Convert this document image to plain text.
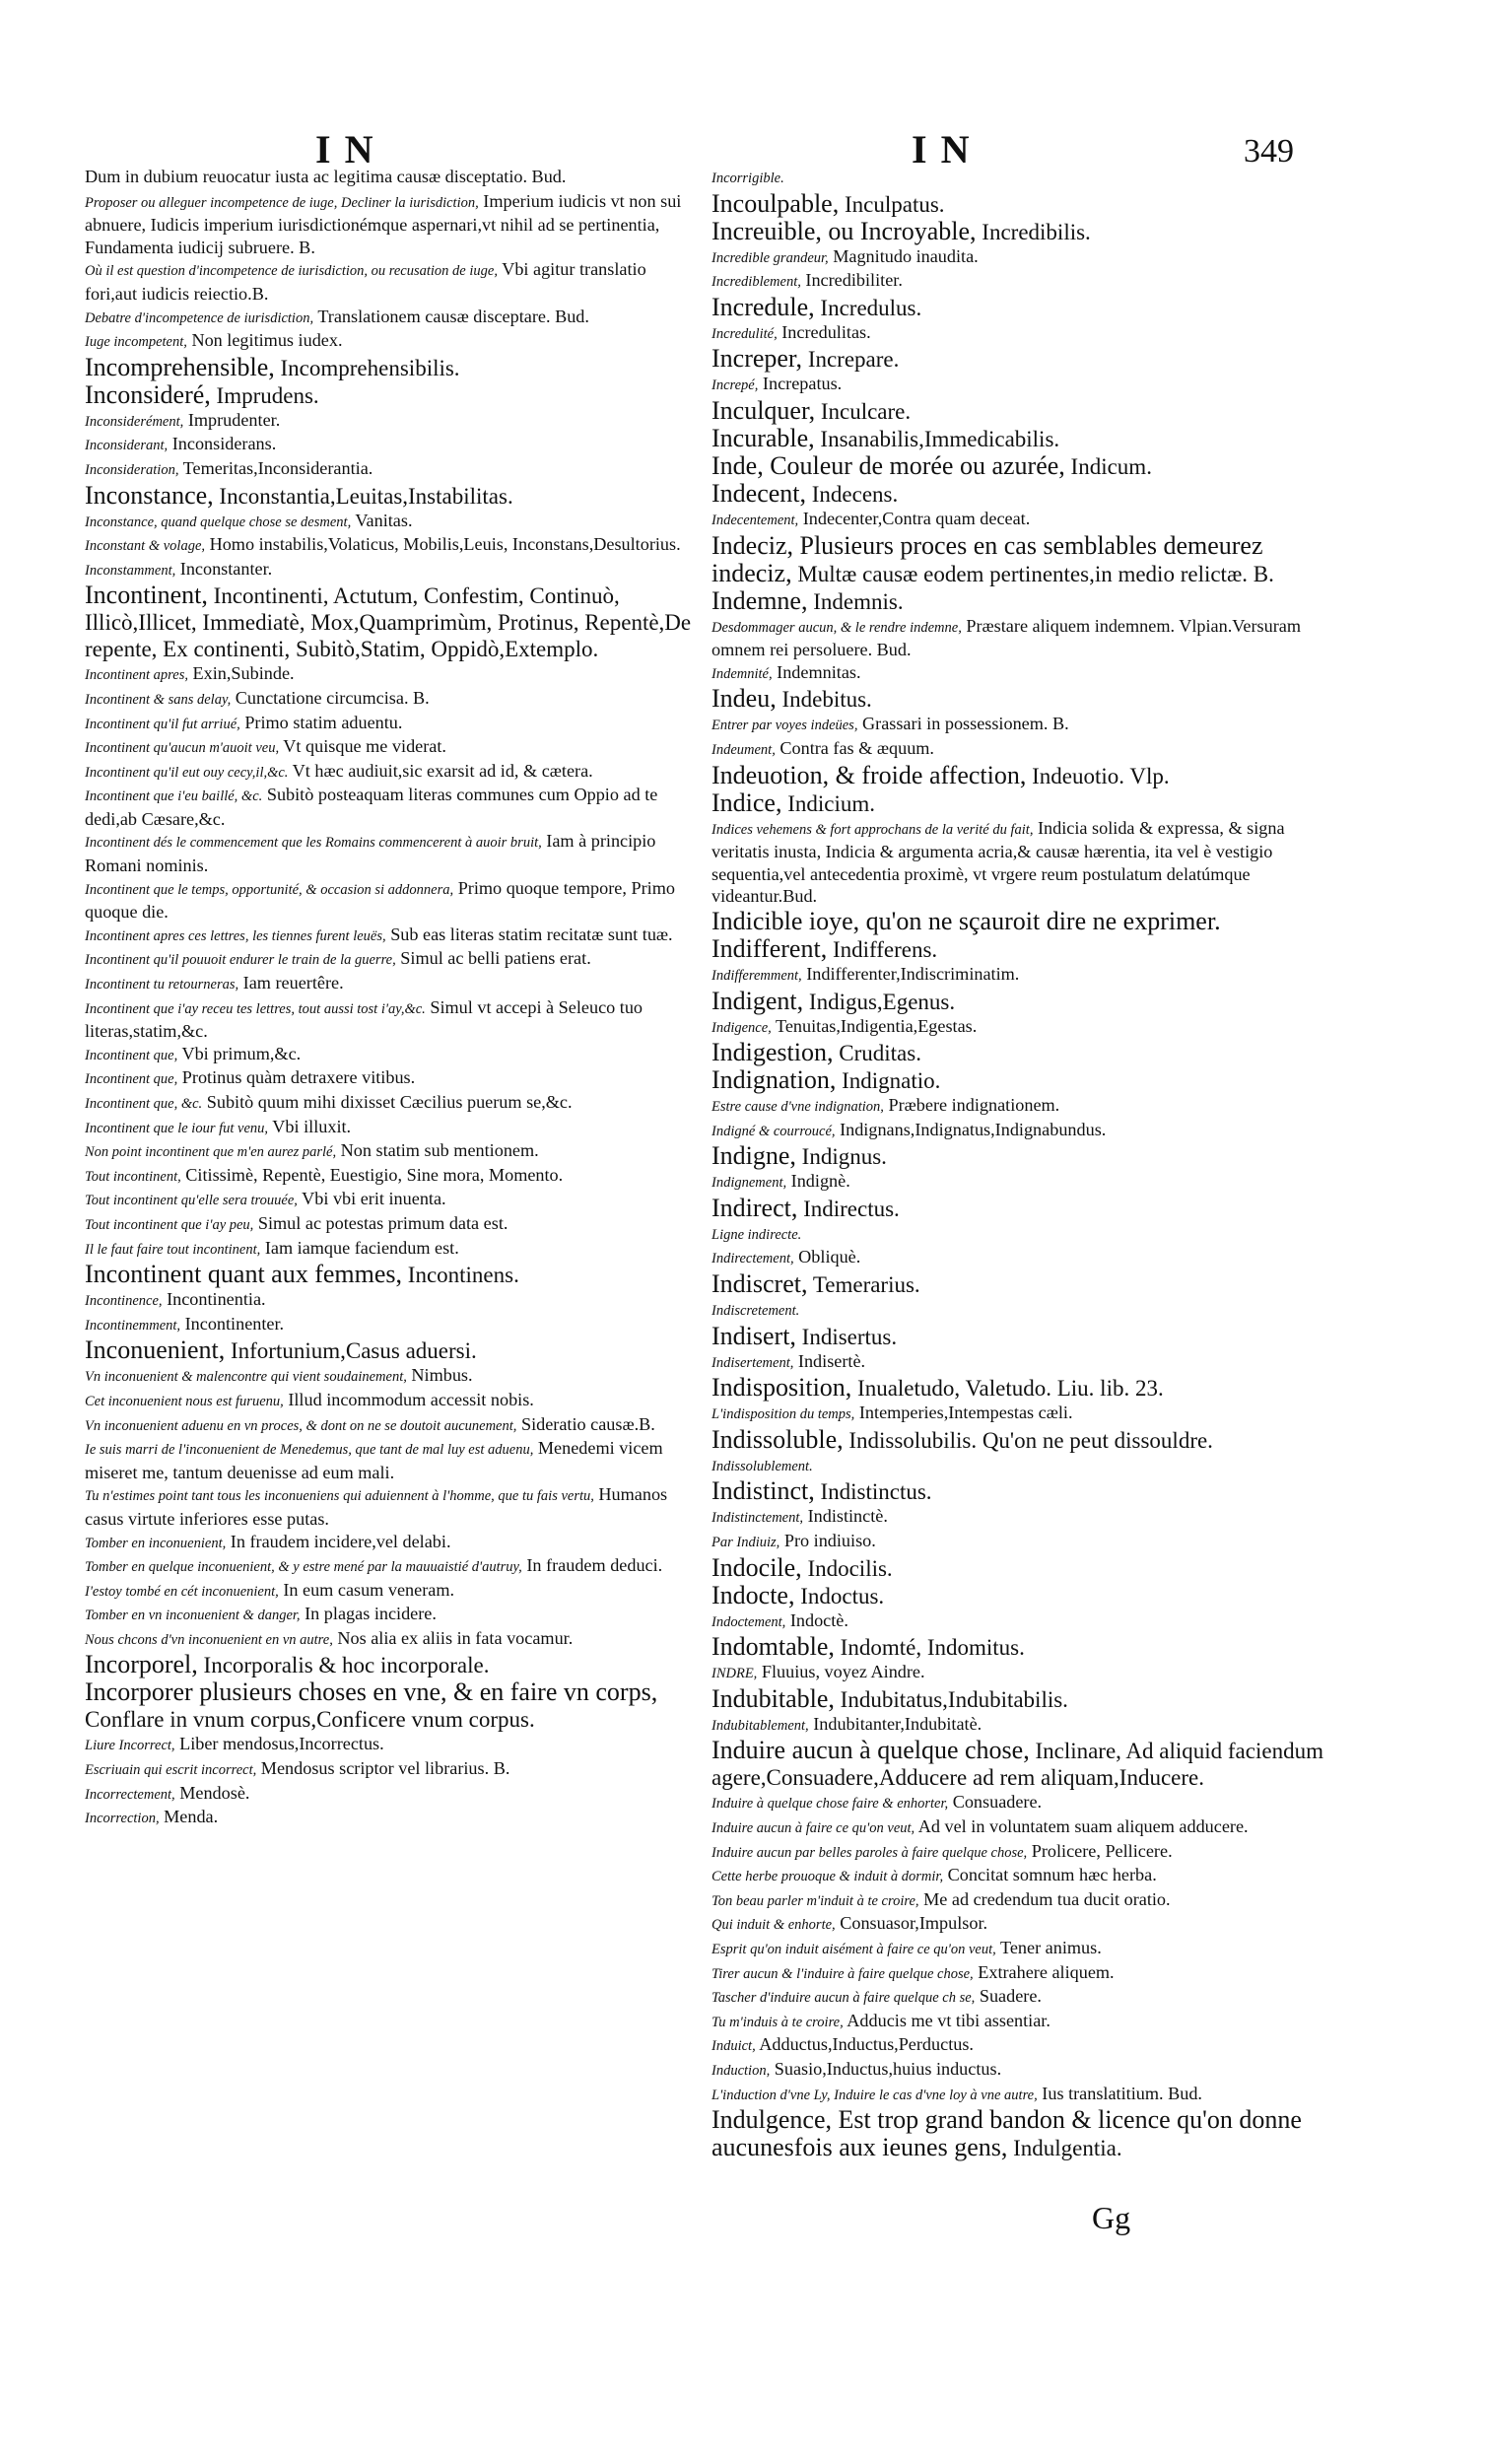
IN	IN	349

Dum in dubium reuocatur iusta ac legitima causæ disceptatio. Bud.

Proposer ou alleguer incompetence de iuge, Decliner la iurisdiction, Imperium iudicis vt non sui abnuere, Iudicis imperium iurisdictionémque aspernari,vt nihil ad se pertinentia, Fundamenta iudicij subruere. B.

Où il est question d'incompetence de iurisdiction, ou recusation de iuge, Vbi agitur translatio fori,aut iudicis reiectio.B.

Debatre d'incompetence de iurisdiction, Translationem causæ disceptare. Bud.

Iuge incompetent, Non legitimus iudex.

Incomprehensible, Incomprehensibilis.

Inconsideré, Imprudens.

Inconsiderément, Imprudenter.

Inconsiderant, Inconsiderans.

Inconsideration, Temeritas,Inconsiderantia.

Inconstance, Inconstantia,Leuitas,Instabilitas.

Inconstance, quand quelque chose se desment, Vanitas.

Inconstant & volage, Homo instabilis,Volaticus, Mobilis,Leuis, Inconstans,Desultorius.

Inconstamment, Inconstanter.

Incontinent, Incontinenti, Actutum, Confestim, Continuò, Illicò,Illicet, Immediatè, Mox,Quamprimùm, Protinus, Repentè,De repente, Ex continenti, Subitò,Statim, Oppidò,Extemplo.

Incontinent apres, Exin,Subinde.

Incontinent & sans delay, Cunctatione circumcisa. B.

Incontinent qu'il fut arriué, Primo statim aduentu.

Incontinent qu'aucun m'auoit veu, Vt quisque me viderat.

Incontinent qu'il eut ouy cecy,il,&c. Vt hæc audiuit,sic exarsit ad id, & cætera.

Incontinent que i'eu baillé, &c. Subitò posteaquam literas communes cum Oppio ad te dedi,ab Cæsare,&c.

Incontinent dés le commencement que les Romains commencerent à auoir bruit, Iam à principio Romani nominis.

Incontinent que le temps, opportunité, & occasion si addonnera, Primo quoque tempore, Primo quoque die.

Incontinent apres ces lettres, les tiennes furent leuës, Sub eas literas statim recitatæ sunt tuæ.

Incontinent qu'il pouuoit endurer le train de la guerre, Simul ac belli patiens erat.

Incontinent tu retourneras, Iam reuertêre.

Incontinent que i'ay receu tes lettres, tout aussi tost i'ay,&c. Simul vt accepi à Seleuco tuo literas,statim,&c.

Incontinent que, Vbi primum,&c.

Incontinent que, Protinus quàm detraxere vitibus.

Incontinent que, &c. Subitò quum mihi dixisset Cæcilius puerum se,&c.

Incontinent que le iour fut venu, Vbi illuxit.

Non point incontinent que m'en aurez parlé, Non statim sub mentionem.

Tout incontinent, Citissimè, Repentè, Euestigio, Sine mora, Momento.

Tout incontinent qu'elle sera trouuée, Vbi vbi erit inuenta.

Tout incontinent que i'ay peu, Simul ac potestas primum data est.

Il le faut faire tout incontinent, Iam iamque faciendum est.

Incontinent quant aux femmes, Incontinens.

Incontinence, Incontinentia.

Incontinemment, Incontinenter.

Inconuenient, Infortunium,Casus aduersi.

Vn inconuenient & malencontre qui vient soudainement, Nimbus.

Cet inconuenient nous est furuenu, Illud incommodum accessit nobis.

Vn inconuenient aduenu en vn proces, & dont on ne se doutoit aucunement, Sideratio causæ.B.

Ie suis marri de l'inconuenient de Menedemus, que tant de mal luy est aduenu, Menedemi vicem miseret me, tantum deuenisse ad eum mali.

Tu n'estimes point tant tous les inconueniens qui aduiennent à l'homme, que tu fais vertu, Humanos casus virtute inferiores esse putas.

Tomber en inconuenient, In fraudem incidere,vel delabi.

Tomber en quelque inconuenient, & y estre mené par la mauuaistié d'autruy, In fraudem deduci.

I'estoy tombé en cét inconuenient, In eum casum veneram.

Tomber en vn inconuenient & danger, In plagas incidere.

Nous chcons d'vn inconuenient en vn autre, Nos alia ex aliis in fata vocamur.

Incorporel, Incorporalis & hoc incorporale.

Incorporer plusieurs choses en vne, & en faire vn corps, Conflare in vnum corpus,Conficere vnum corpus.

Liure Incorrect, Liber mendosus,Incorrectus.

Escriuain qui escrit incorrect, Mendosus scriptor vel librarius. B.

Incorrectement, Mendosè.

Incorrection, Menda.

Incorrigible.

Incoulpable, Inculpatus.

Increuible, ou Incroyable, Incredibilis.

Incredible grandeur, Magnitudo inaudita.

Incrediblement, Incredibiliter.

Incredule, Incredulus.

Incredulité, Incredulitas.

Increper, Increpare.

Increpé, Increpatus.

Inculquer, Inculcare.

Incurable, Insanabilis,Immedicabilis.

Inde, Couleur de morée ou azurée, Indicum.

Indecent, Indecens.

Indecentement, Indecenter,Contra quam deceat.

Indeciz, Plusieurs proces en cas semblables demeurez indeciz, Multæ causæ eodem pertinentes,in medio relictæ. B.

Indemne, Indemnis.

Desdommager aucun, & le rendre indemne, Præstare aliquem indemnem. Vlpian.Versuram omnem rei persoluere. Bud.

Indemnité, Indemnitas.

Indeu, Indebitus.

Entrer par voyes indeües, Grassari in possessionem. B.

Indeument, Contra fas & æquum.

Indeuotion, & froide affection, Indeuotio. Vlp.

Indice, Indicium.

Indices vehemens & fort approchans de la verité du fait, Indicia solida & expressa, & signa veritatis inusta, Indicia & argumenta acria,& causæ hærentia, ita vel è vestigio sequentia,vel antecedentia proximè, vt vrgere reum postulatum delatúmque videantur.Bud.

Indicible ioye, qu'on ne sçauroit dire ne exprimer.

Indifferent, Indifferens.

Indifferemment, Indifferenter,Indiscriminatim.

Indigent, Indigus,Egenus.

Indigence, Tenuitas,Indigentia,Egestas.

Indigestion, Cruditas.

Indignation, Indignatio.

Estre cause d'vne indignation, Præbere indignationem.

Indigné & courroucé, Indignans,Indignatus,Indignabundus.

Indigne, Indignus.

Indignement, Indignè.

Indirect, Indirectus.

Ligne indirecte.

Indirectement, Obliquè.

Indiscret, Temerarius.

Indiscretement.

Indisert, Indisertus.

Indisertement, Indisertè.

Indisposition, Inualetudo, Valetudo. Liu. lib. 23.

L'indisposition du temps, Intemperies,Intempestas cæli.

Indissoluble, Indissolubilis. Qu'on ne peut dissouldre.

Indissolublement.

Indistinct, Indistinctus.

Indistinctement, Indistinctè.

Par Indiuiz, Pro indiuiso.

Indocile, Indocilis.

Indocte, Indoctus.

Indoctement, Indoctè.

Indomtable, Indomté, Indomitus.

INDRE, Fluuius, voyez Aindre.

Indubitable, Indubitatus,Indubitabilis.

Indubitablement, Indubitanter,Indubitatè.

Induire aucun à quelque chose, Inclinare, Ad aliquid faciendum agere,Consuadere,Adducere ad rem aliquam,Inducere.

Induire à quelque chose faire & enhorter, Consuadere.

Induire aucun à faire ce qu'on veut, Ad vel in voluntatem suam aliquem adducere.

Induire aucun par belles paroles à faire quelque chose, Prolicere, Pellicere.

Cette herbe prouoque & induit à dormir, Concitat somnum hæc herba.

Ton beau parler m'induit à te croire, Me ad credendum tua ducit oratio.

Qui induit & enhorte, Consuasor,Impulsor.

Esprit qu'on induit aisément à faire ce qu'on veut, Tener animus.

Tirer aucun & l'induire à faire quelque chose, Extrahere aliquem.

Tascher d'induire aucun à faire quelque ch se, Suadere.

Tu m'induis à te croire, Adducis me vt tibi assentiar.

Induict, Adductus,Inductus,Perductus.

Induction, Suasio,Inductus,huius inductus.

L'induction d'vne Ly, Induire le cas d'vne loy à vne autre, Ius translatitium. Bud.

Indulgence, Est trop grand bandon & licence qu'on donne aucunesfois aux ieunes gens, Indulgentia.

Gg
